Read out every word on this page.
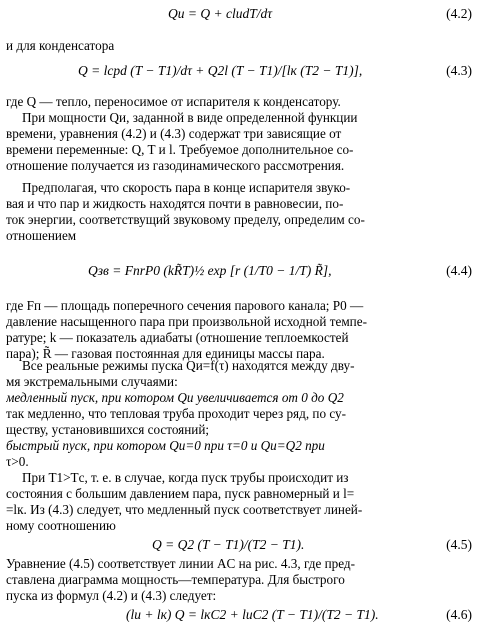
Qи = Q + clиdT/dτ	(4.2)
и для конденсатора
Q = lcрd (T − T1)/dτ + Q2l (T − T1)/[lк (T2 − T1)],	(4.3)
где Q — тепло, переносимое от испарителя к конденсатору.
При мощности Qи, заданной в виде определенной функции
времени, уравнения (4.2) и (4.3) содержат три зависящие от
времени переменные: Q, T и l. Требуемое дополнительное со-
отношение получается из газодинамического рассмотрения.
Предполагая, что скорость пара в конце испарителя звуко-
вая и что пар и жидкость находятся почти в равновесии, по-
ток энергии, соответствущий звуковому пределу, определим со-
отношением
Qзв = FпrP0 (kR̃T)½ exp [r (1/T0 − 1/T) R̃],	(4.4)
где Fп — площадь поперечного сечения парового канала; P0 —
давление насыщенного пара при произвольной исходной темпе-
ратуре; k — показатель адиабаты (отношение теплоемкостей
пара); R̃ — газовая постоянная для единицы массы пара.
Все реальные режимы пуска Qи=f(τ) находятся между дву-
мя экстремальными случаями:
медленный пуск, при котором Qи увеличивается от 0 до Q2
так медленно, что тепловая труба проходит через ряд, по су-
ществу, установившихся состояний;
быстрый пуск, при котором Qи=0 при τ=0 и Qи=Q2 при
τ>0.
При T1>Tс, т. е. в случае, когда пуск трубы происходит из
состояния с большим давлением пара, пуск равномерный и l=
=lк. Из (4.3) следует, что медленный пуск соответствует линей-
ному соотношению
Q = Q2 (T − T1)/(T2 − T1).	(4.5)
Уравнение (4.5) соответствует линии AC на рис. 4.3, где пред-
ставлена диаграмма мощность—температура. Для быстрого
пуска из формул (4.2) и (4.3) следует:
(lи + lк) Q = lкC2 + lиC2 (T − T1)/(T2 − T1).	(4.6)
